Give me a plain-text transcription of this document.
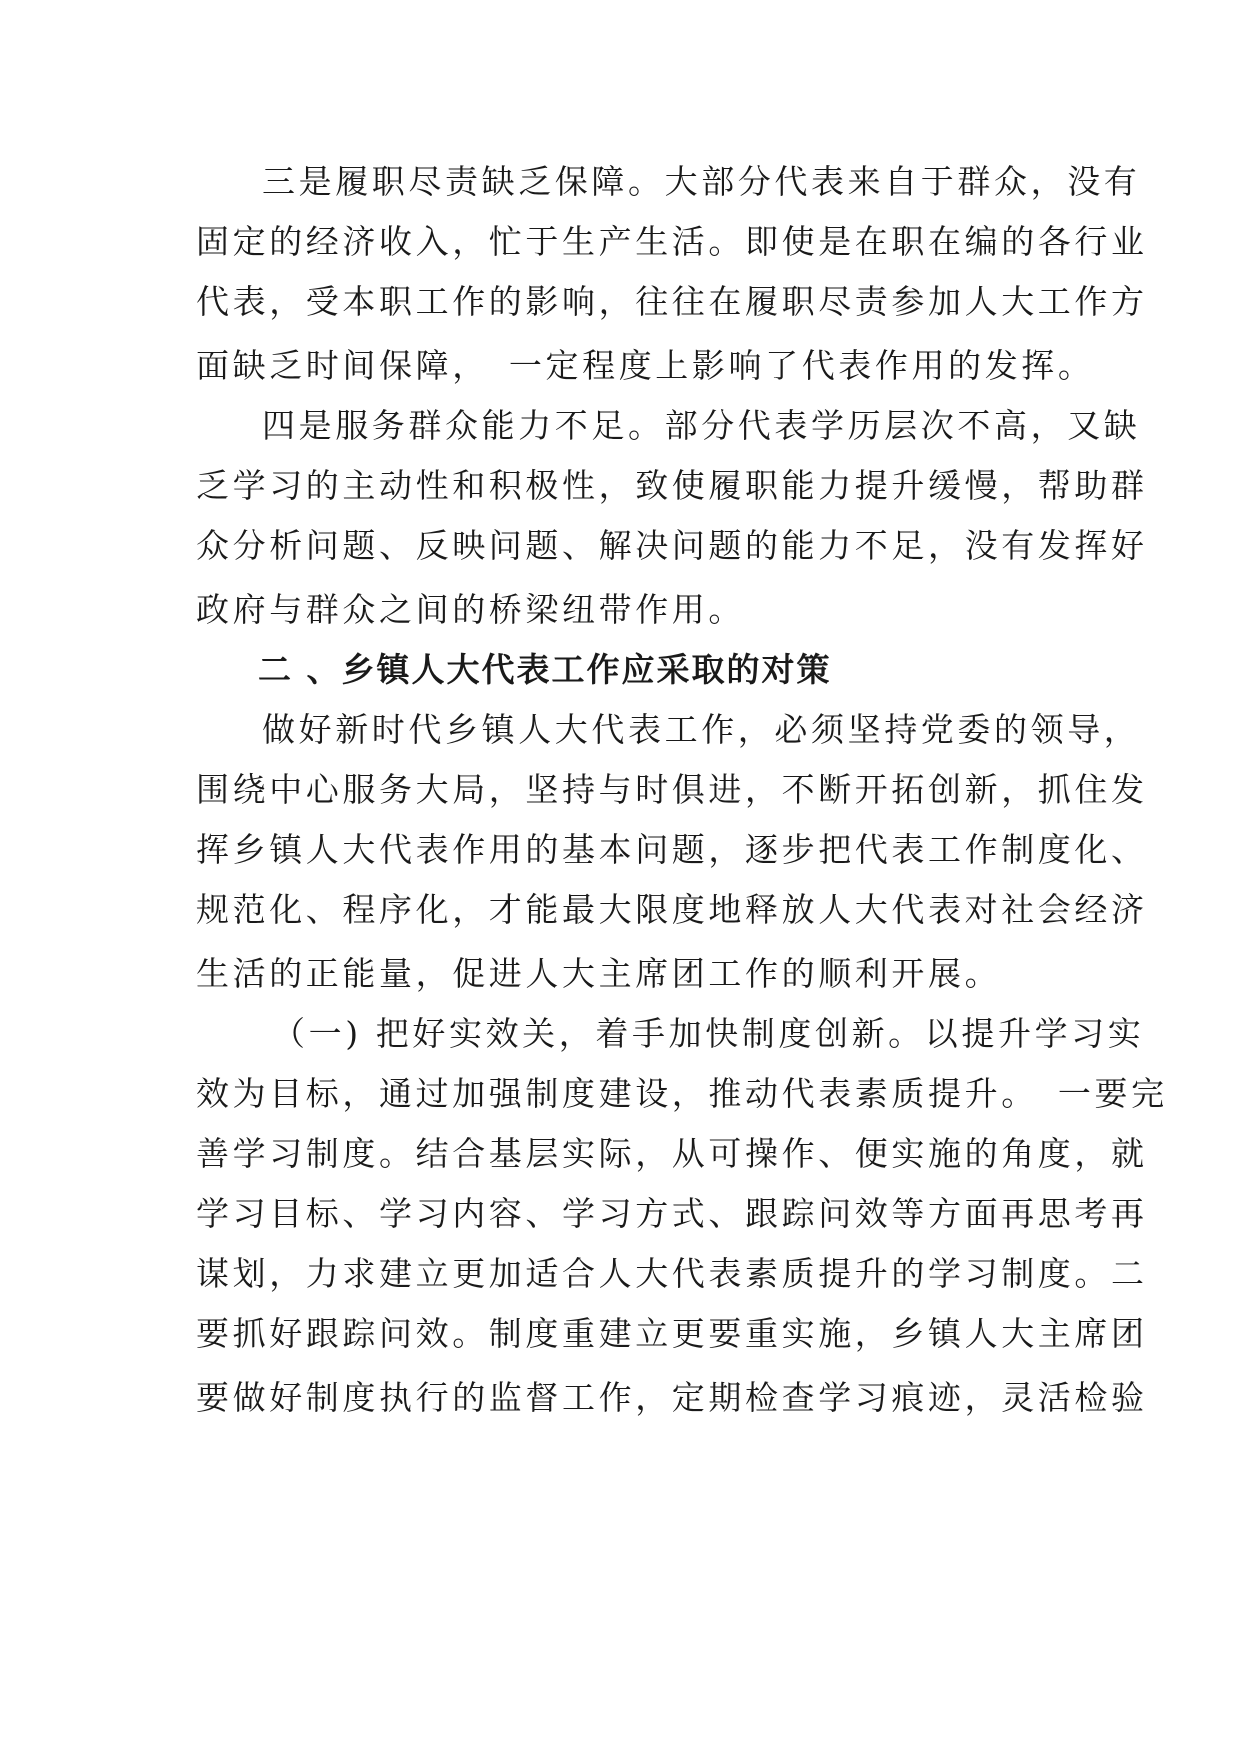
三是履职尽责缺乏保障。大部分代表来自于群众，没有
固定的经济收入，忙于生产生活。即使是在职在编的各行业
代表，受本职工作的影响，往往在履职尽责参加人大工作方
面缺乏时间保障，　一定程度上影响了代表作用的发挥。
四是服务群众能力不足。部分代表学历层次不高，又缺
乏学习的主动性和积极性，致使履职能力提升缓慢，帮助群
众分析问题、反映问题、解决问题的能力不足，没有发挥好
政府与群众之间的桥梁纽带作用。
二 、乡镇人大代表工作应采取的对策
做好新时代乡镇人大代表工作，必须坚持党委的领导，
围绕中心服务大局，坚持与时俱进，不断开拓创新，抓住发
挥乡镇人大代表作用的基本问题，逐步把代表工作制度化、
规范化、程序化，才能最大限度地释放人大代表对社会经济
生活的正能量，促进人大主席团工作的顺利开展。
（一) 把好实效关，着手加快制度创新。以提升学习实
效为目标，通过加强制度建设，推动代表素质提升。　一要完
善学习制度。结合基层实际，从可操作、便实施的角度，就
学习目标、学习内容、学习方式、跟踪问效等方面再思考再
谋划，力求建立更加适合人大代表素质提升的学习制度。二
要抓好跟踪问效。制度重建立更要重实施，乡镇人大主席团
要做好制度执行的监督工作，定期检查学习痕迹，灵活检验
